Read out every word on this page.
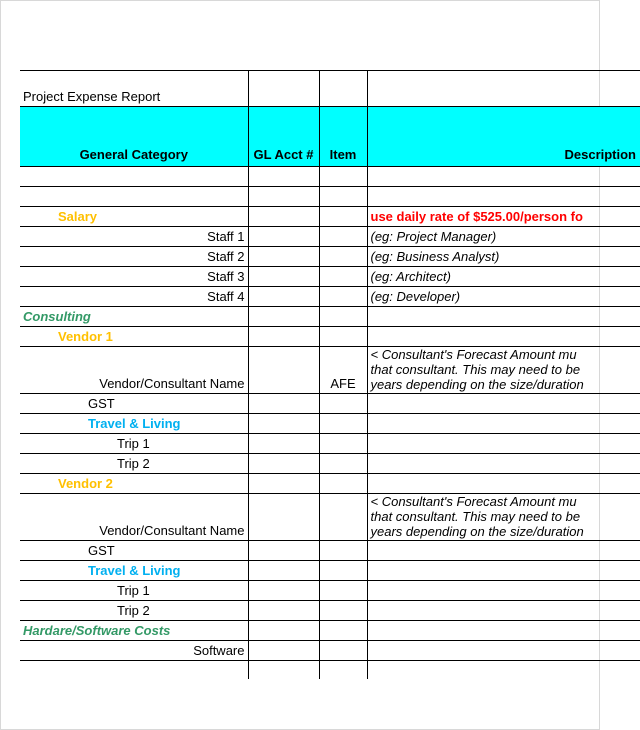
Project Expense Report			
General Category	GL Acct #	Item	Description

Salary			use daily rate of $525.00/person fo
Staff 1			(eg: Project Manager)
Staff 2			(eg: Business Analyst)
Staff 3			(eg: Architect)
Staff 4			(eg: Developer)
Consulting			
Vendor 1			
Vendor/Consultant Name		AFE	< Consultant's Forecast Amount mu
that consultant. This may need to be
years depending on the size/duration

GST			
Travel & Living			
Trip 1			
Trip 2			
Vendor 2			
Vendor/Consultant Name			< Consultant's Forecast Amount mu
that consultant. This may need to be
years depending on the size/duration

GST			
Travel & Living			
Trip 1			
Trip 2			
Hardare/Software Costs			
Software			
